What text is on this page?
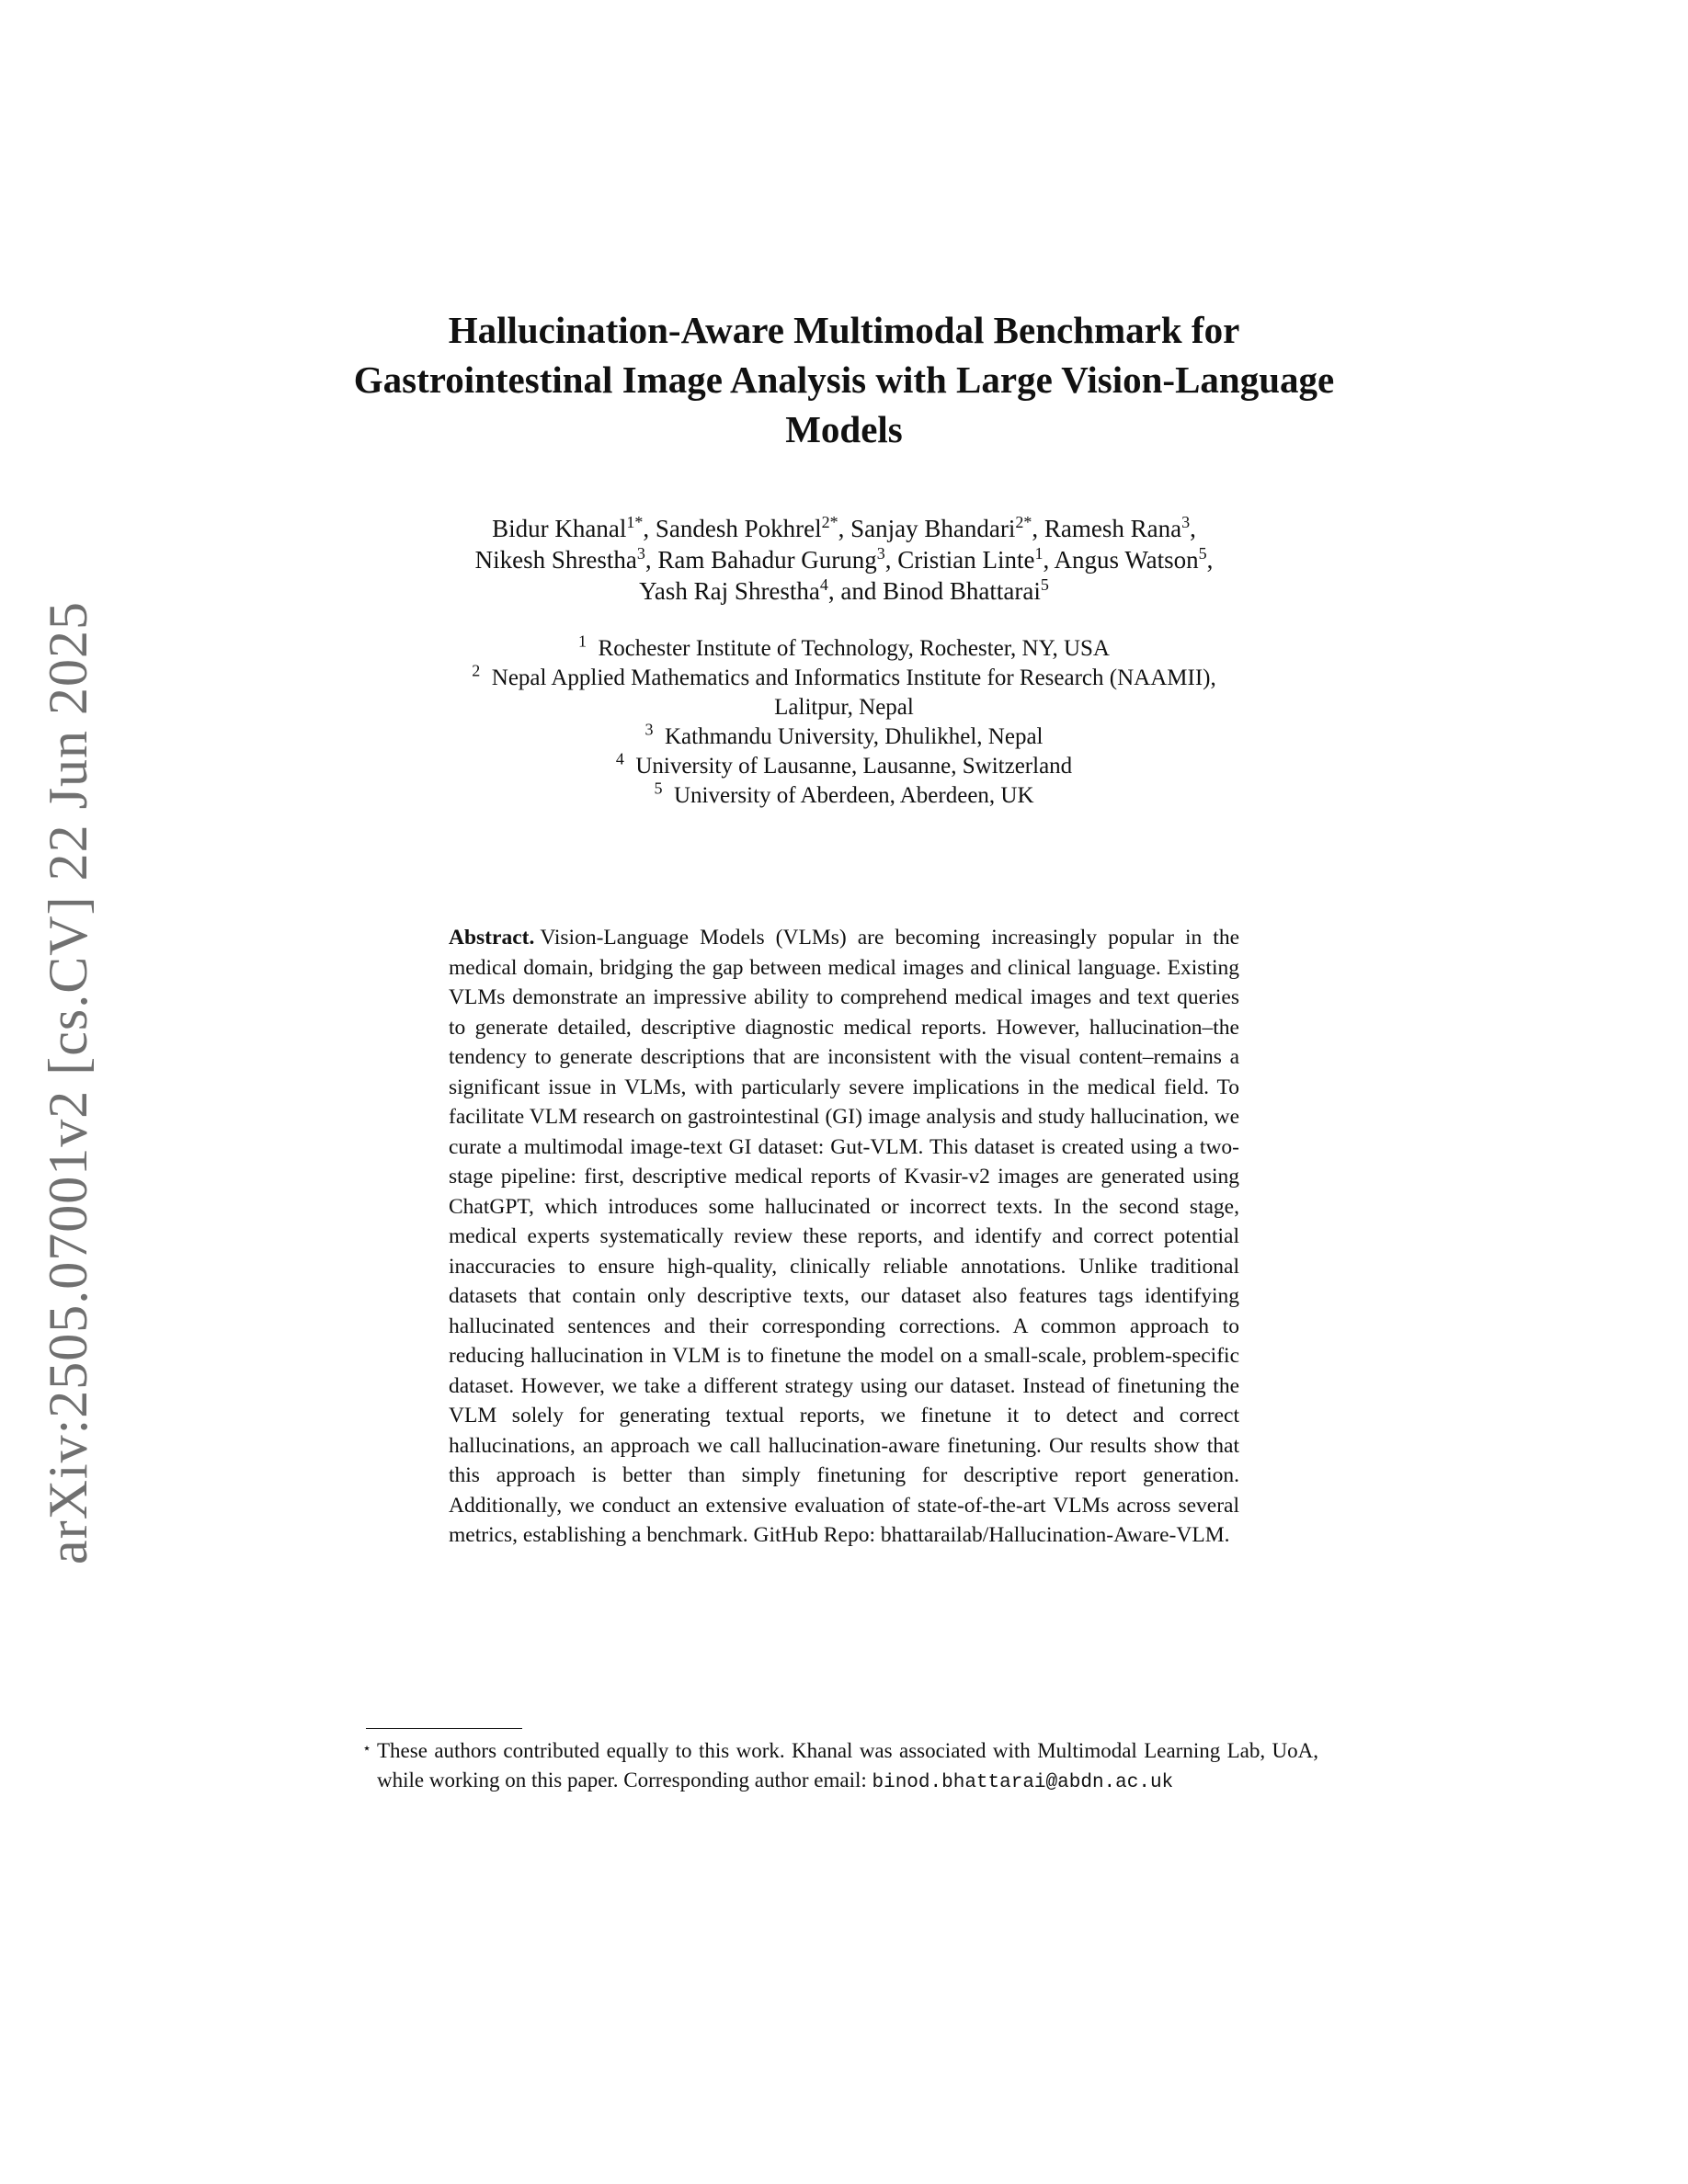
arXiv:2505.07001v2 [cs.CV] 22 Jun 2025
Hallucination-Aware Multimodal Benchmark for Gastrointestinal Image Analysis with Large Vision-Language Models
Bidur Khanal$^{1*}$, Sandesh Pokhrel$^{2*}$, Sanjay Bhandari$^{2*}$, Ramesh Rana$^3$,
Nikesh Shrestha$^3$, Ram Bahadur Gurung$^3$, Cristian Linte$^1$, Angus Watson$^5$,
Yash Raj Shrestha$^4$, and Binod Bhattarai$^5$
$^1$ Rochester Institute of Technology, Rochester, NY, USA
$^2$ Nepal Applied Mathematics and Informatics Institute for Research (NAAMII),
Lalitpur, Nepal
$^3$ Kathmandu University, Dhulikhel, Nepal
$^4$ University of Lausanne, Lausanne, Switzerland
$^5$ University of Aberdeen, Aberdeen, UK

Abstract. Vision-Language Models (VLMs) are becoming increasingly popular in the medical domain, bridging the gap between medical images and clinical language. Existing VLMs demonstrate an impressive ability to comprehend medical images and text queries to generate detailed, descriptive diagnostic medical reports. However, hallucination–the tendency to generate descriptions that are inconsistent with the visual content–remains a significant issue in VLMs, with particularly severe implications in the medical field. To facilitate VLM research on gastrointestinal (GI) image analysis and study hallucination, we curate a multimodal image-text GI dataset: Gut-VLM. This dataset is created using a two-stage pipeline: first, descriptive medical reports of Kvasir-v2 images are generated using ChatGPT, which introduces some hallucinated or incorrect texts. In the second stage, medical experts systematically review these reports, and identify and correct potential inaccuracies to ensure high-quality, clinically reliable annotations. Unlike traditional datasets that contain only descriptive texts, our dataset also features tags identifying hallucinated sentences and their corresponding corrections. A common approach to reducing hallucination in VLM is to finetune the model on a small-scale, problem-specific dataset. However, we take a different strategy using our dataset. Instead of finetuning the VLM solely for generating textual reports, we finetune it to detect and correct hallucinations, an approach we call hallucination-aware finetuning. Our results show that this approach is better than simply finetuning for descriptive report generation. Additionally, we conduct an extensive evaluation of state-of-the-art VLMs across several metrics, establishing a benchmark. GitHub Repo: bhattarailab/Hallucination-Aware-VLM.

⋆ These authors contributed equally to this work. Khanal was associated with Multimodal Learning Lab, UoA, while working on this paper. Corresponding author email: binod.bhattarai@abdn.ac.uk
